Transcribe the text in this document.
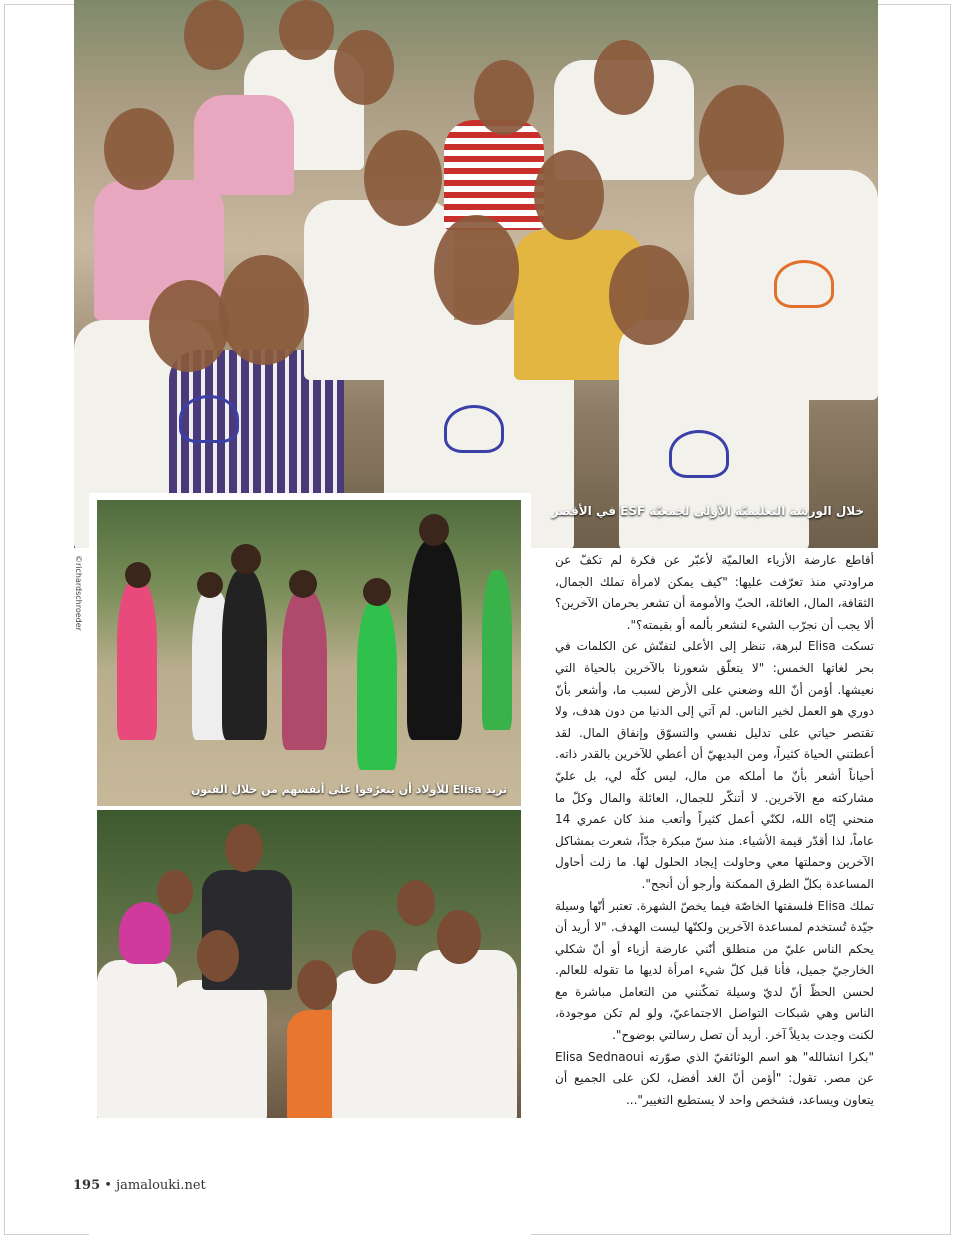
خلال الورشة التعليميّة الأولى لجمعيّة ESF في الأقصر
تريد Elisa للأولاد أن يتعرّفوا على أنفسهم من خلال الفنون
©richardschroeder	أقاطع عارضة الأزياء العالميّة لأعبّر عن فكرة لم تكفّ عن مراودتي منذ تعرّفت عليها: "كيف يمكن لامرأة تملك الجمال، الثقافة، المال، العائلة، الحبّ والأمومة أن تشعر بحرمان الآخرين؟ ألا يجب أن نجرّب الشيء لنشعر بألمه أو بقيمته؟".

تسكت Elisa لبرهة، تنظر إلى الأعلى لتفتّش عن الكلمات في بحر لغاتها الخمس: "لا يتعلّق شعورنا بالآخرين بالحياة التي نعيشها. أؤمن أنّ الله وضعني على الأرض لسبب ما، وأشعر بأنّ دوري هو العمل لخير الناس. لم آتي إلى الدنيا من دون هدف، ولا تقتصر حياتي على تدليل نفسي والتسوّق وإنفاق المال. لقد أعطتني الحياة كثيراً، ومن البديهيّ أن أعطي للآخرين بالقدر ذاته. أحياناً أشعر بأنّ ما أملكه من مال، ليس كلّه لي، بل عليّ مشاركته مع الآخرين. لا أتنكّر للجمال، العائلة والمال وكلّ ما منحني إيّاه الله، لكنّي أعمل كثيراً وأتعب منذ كان عمري 14 عاماً، لذا أقدّر قيمة الأشياء. منذ سنّ مبكرة جدّاً، شعرت بمشاكل الآخرين وحملتها معي وحاولت إيجاد الحلول لها. ما زلت أحاول المساعدة بكلّ الطرق الممكنة وأرجو أن أنجح".

تملك Elisa فلسفتها الخاصّة فيما يخصّ الشهرة. تعتبر أنّها وسيلة جيّدة تُستخدم لمساعدة الآخرين ولكنّها ليست الهدف. "لا أريد أن يحكم الناس عليّ من منطلق أنّني عارضة أزياء أو أنّ شكلي الخارجيّ جميل، فأنا قبل كلّ شيء امرأة لديها ما تقوله للعالم. لحسن الحظّ أنّ لديّ وسيلة تمكّنني من التعامل مباشرة مع الناس وهي شبكات التواصل الاجتماعيّ، ولو لم تكن موجودة، لكنت وجدت بديلاً آخر. أريد أن تصل رسالتي بوضوح".

"بكرا انشالله" هو اسم الوثائقيّ الذي صوّرته Elisa Sednaoui عن مصر. تقول: "أؤمن أنّ الغد أفضل، لكن على الجميع أن يتعاون ويساعد، فشخص واحد لا يستطيع التغيير"...

195 • jamalouki.net
